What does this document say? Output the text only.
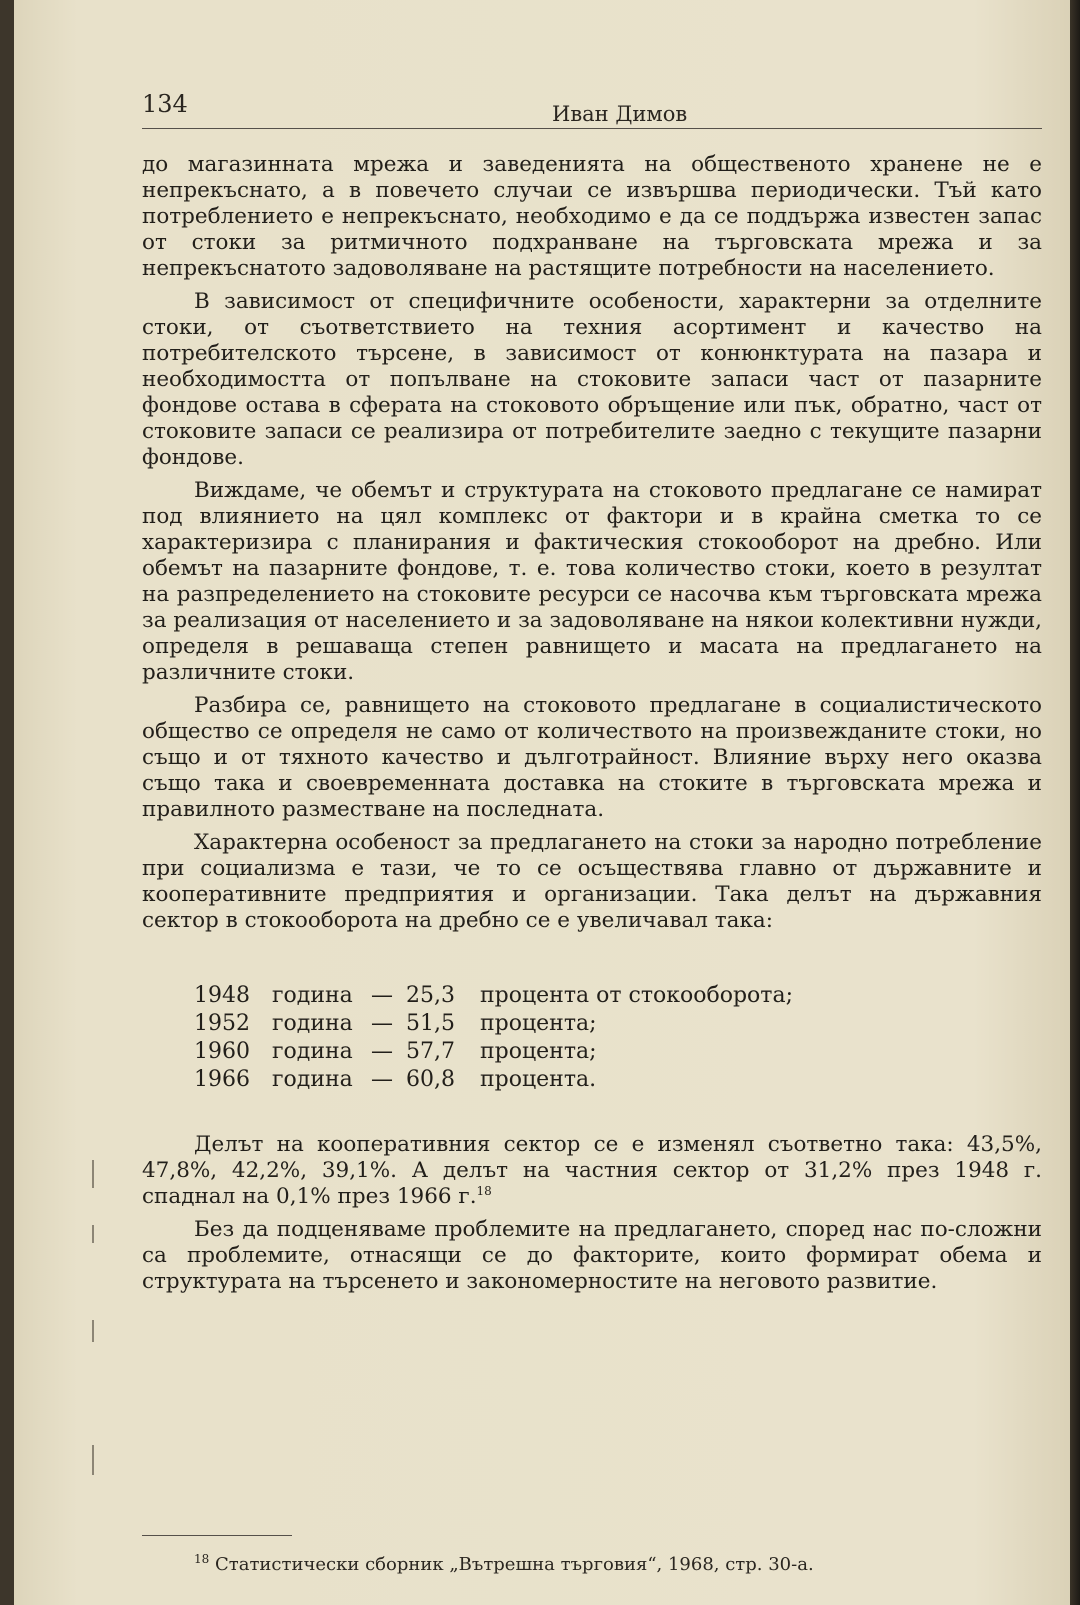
134	Иван Димов

до магазинната мрежа и заведенията на общественото хранене не е непрекъснато, а в повечето случаи се извършва периодически. Тъй като потреблението е непрекъснато, необходимо е да се поддържа известен запас от стоки за ритмичното подхранване на търговската мрежа и за непрекъснатото задоволяване на растящите потребности на населението.

В зависимост от специфичните особености, характерни за отделните стоки, от съответствието на техния асортимент и качество на потребителското търсене, в зависимост от конюнктурата на пазара и необходимостта от попълване на стоковите запаси част от пазарните фондове остава в сферата на стоковото обръщение или пък, обратно, част от стоковите запаси се реализира от потребителите заедно с текущите пазарни фондове.

Виждаме, че обемът и структурата на стоковото предлагане се намират под влиянието на цял комплекс от фактори и в крайна сметка то се характеризира с планирания и фактическия стокооборот на дребно. Или обемът на пазарните фондове, т. е. това количество стоки, което в резултат на разпределението на стоковите ресурси се насочва към търговската мрежа за реализация от населението и за задоволяване на някои колективни нужди, определя в решаваща степен равнището и масата на предлагането на различните стоки.

Разбира се, равнището на стоковото предлагане в социалистическото общество се определя не само от количеството на произвежданите стоки, но също и от тяхното качество и дълготрайност. Влияние върху него оказва също така и своевременната доставка на стоките в търговската мрежа и правилното разместване на последната.

Характерна особеност за предлагането на стоки за народно потребление при социализма е тази, че то се осъществява главно от държавните и кооперативните предприятия и организации. Така делът на държавния сектор в стокооборота на дребно се е увеличавал така:

1948	година — 25,3	процента от стокооборота;
1952	година — 51,5	процента;
1960	година — 57,7	процента;
1966	година — 60,8	процента.

Делът на кооперативния сектор се е изменял съответно така: 43,5%, 47,8%, 42,2%, 39,1%. А делът на частния сектор от 31,2% през 1948 г. спаднал на 0,1% през 1966 г.$^{18}$

Без да подценяваме проблемите на предлагането, според нас по-сложни са проблемите, отнасящи се до факторите, които формират обема и структурата на търсенето и закономерностите на неговото развитие.

$^{18}$ Статистически сборник „Вътрешна търговия“, 1968, стр. 30-а.
